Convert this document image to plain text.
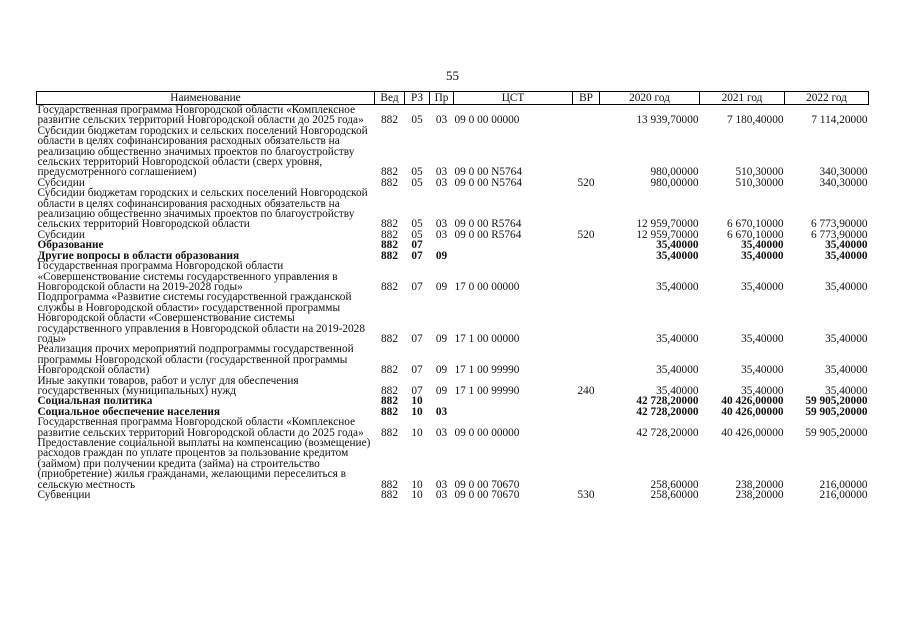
55
Наименование	Вед	РЗ	Пр	ЦСТ	ВР	2020 год	2021 год	2022 год
Государственная программа Новгородской области «Комплексное развитие сельских территорий Новгородской области до 2025 года»	882	05	03	09 0 00 00000		13 939,70000	7 180,40000	7 114,20000
Субсидии бюджетам городских и сельских поселений Новгородской области в целях софинансирования расходных обязательств на реализацию общественно значимых проектов по благоустройству сельских территорий Новгородской области (сверх уровня, предусмотренного соглашением)	882	05	03	09 0 00 N5764		980,00000	510,30000	340,30000
Субсидии	882	05	03	09 0 00 N5764	520	980,00000	510,30000	340,30000
Субсидии бюджетам городских и сельских поселений Новгородской области в целях софинансирования расходных обязательств на реализацию общественно значимых проектов по благоустройству сельских территорий Новгородской области	882	05	03	09 0 00 R5764		12 959,70000	6 670,10000	6 773,90000
Субсидии	882	05	03	09 0 00 R5764	520	12 959,70000	6 670,10000	6 773,90000
Образование	882	07				35,40000	35,40000	35,40000
Другие вопросы в области образования	882	07	09			35,40000	35,40000	35,40000
Государственная программа Новгородской области «Совершенствование системы государственного управления в Новгородской области на 2019-2028 годы»	882	07	09	17 0 00 00000		35,40000	35,40000	35,40000
Подпрограмма «Развитие системы государственной гражданской службы в Новгородской области» государственной программы Новгородской области «Совершенствование системы государственного управления в Новгородской области на 2019-2028 годы»	882	07	09	17 1 00 00000		35,40000	35,40000	35,40000
Реализация прочих мероприятий подпрограммы государственной программы Новгородской области (государственной программы Новгородской области)	882	07	09	17 1 00 99990		35,40000	35,40000	35,40000
Иные закупки товаров, работ и услуг для обеспечения государственных (муниципальных) нужд	882	07	09	17 1 00 99990	240	35,40000	35,40000	35,40000
Социальная политика	882	10				42 728,20000	40 426,00000	59 905,20000
Социальное обеспечение населения	882	10	03			42 728,20000	40 426,00000	59 905,20000
Государственная программа Новгородской области «Комплексное развитие сельских территорий Новгородской области до 2025 года»	882	10	03	09 0 00 00000		42 728,20000	40 426,00000	59 905,20000
Предоставление социальной выплаты на компенсацию (возмещение) расходов граждан по уплате процентов за пользование кредитом (займом) при получении кредита (займа) на строительство (приобретение) жилья гражданами, желающими переселиться в сельскую местность	882	10	03	09 0 00 70670		258,60000	238,20000	216,00000
Субвенции	882	10	03	09 0 00 70670	530	258,60000	238,20000	216,00000
